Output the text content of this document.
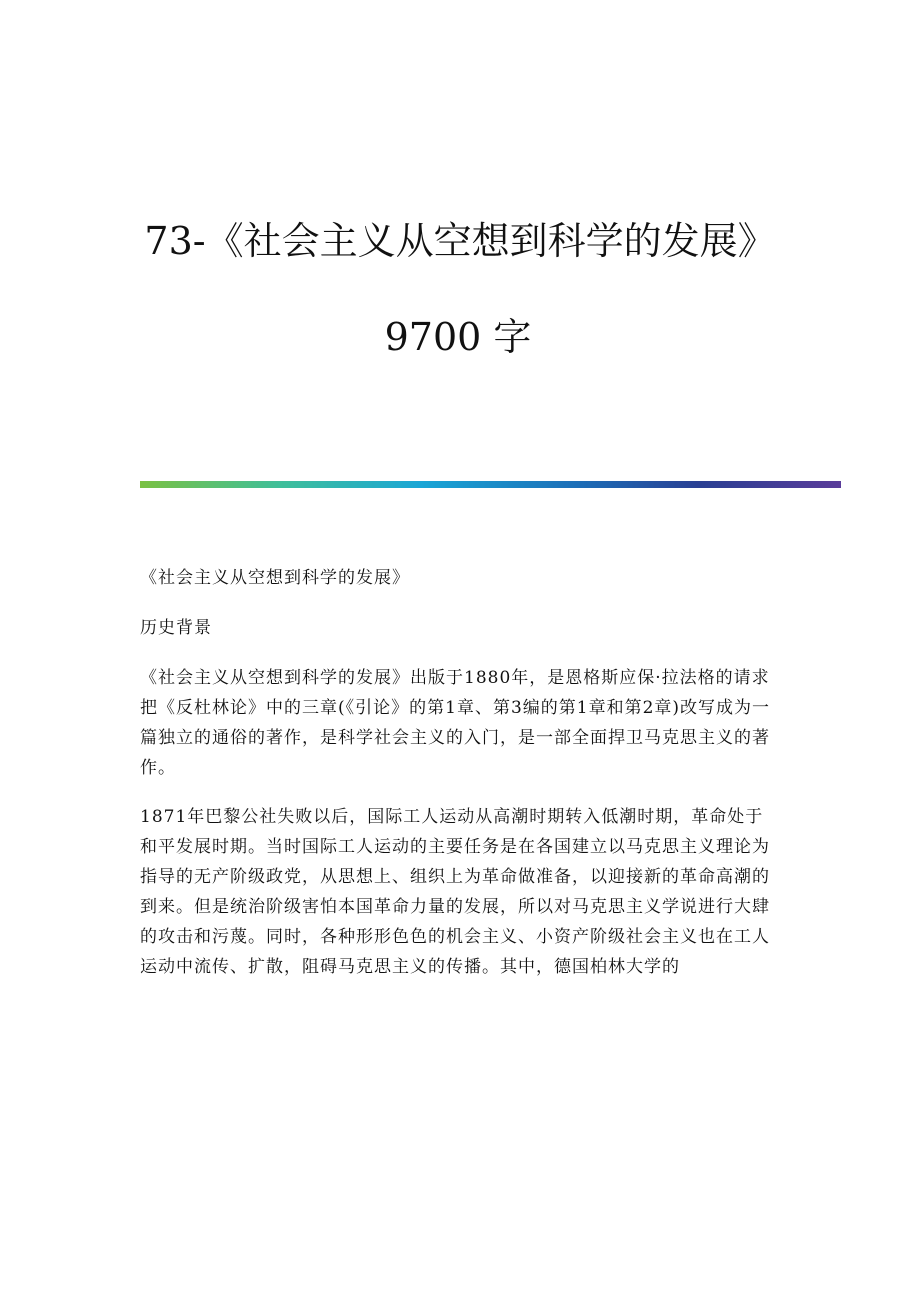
73-《社会主义从空想到科学的发展》
9700 字

《社会主义从空想到科学的发展》

历史背景

《社会主义从空想到科学的发展》出版于1880年，是恩格斯应保·拉法格的请求把《反杜林论》中的三章(《引论》的第1章、第3编的第1章和第2章)改写成为一篇独立的通俗的著作，是科学社会主义的入门，是一部全面捍卫马克思主义的著作。

1871年巴黎公社失败以后，国际工人运动从高潮时期转入低潮时期，革命处于和平发展时期。当时国际工人运动的主要任务是在各国建立以马克思主义理论为指导的无产阶级政党，从思想上、组织上为革命做准备，以迎接新的革命高潮的到来。但是统治阶级害怕本国革命力量的发展，所以对马克思主义学说进行大肆的攻击和污蔑。同时，各种形形色色的机会主义、小资产阶级社会主义也在工人运动中流传、扩散，阻碍马克思主义的传播。其中，德国柏林大学的
